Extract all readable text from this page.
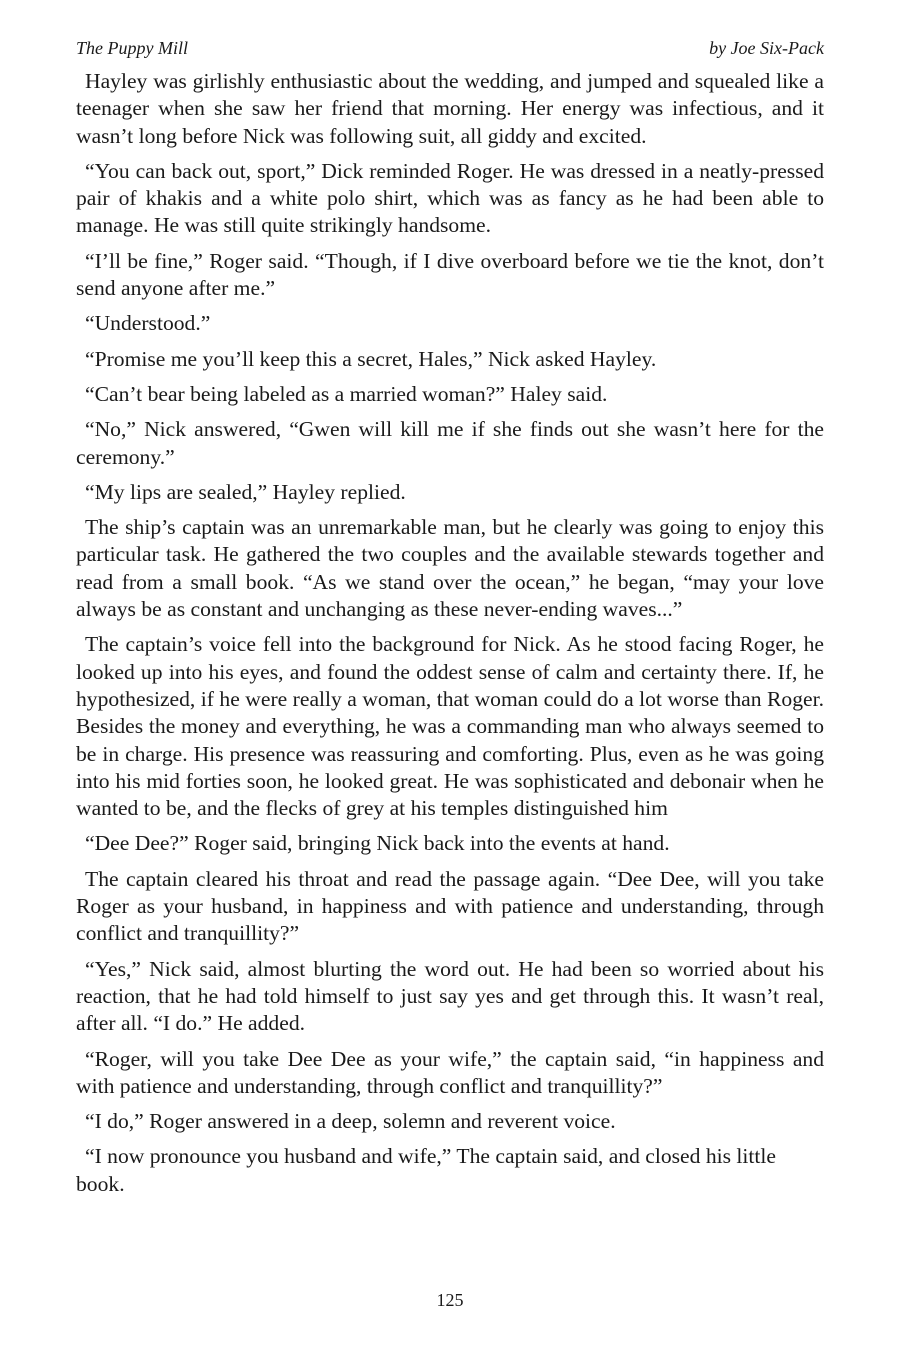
The Puppy Mill	by Joe Six-Pack

Hayley was girlishly enthusiastic about the wedding, and jumped and squealed like a teenager when she saw her friend that morning. Her energy was infectious, and it wasn’t long before Nick was following suit, all giddy and excited.

“You can back out, sport,” Dick reminded Roger. He was dressed in a neatly-pressed pair of khakis and a white polo shirt, which was as fancy as he had been able to manage. He was still quite strikingly handsome.

“I’ll be fine,” Roger said. “Though, if I dive overboard before we tie the knot, don’t send anyone after me.”

“Understood.”

“Promise me you’ll keep this a secret, Hales,” Nick asked Hayley.

“Can’t bear being labeled as a married woman?” Haley said.

“No,” Nick answered, “Gwen will kill me if she finds out she wasn’t here for the ceremony.”

“My lips are sealed,” Hayley replied.

The ship’s captain was an unremarkable man, but he clearly was going to enjoy this particular task. He gathered the two couples and the available stewards together and read from a small book. “As we stand over the ocean,” he began, “may your love always be as constant and unchanging as these never-ending waves...”

The captain’s voice fell into the background for Nick. As he stood facing Roger, he looked up into his eyes, and found the oddest sense of calm and certainty there. If, he hypothesized, if he were really a woman, that woman could do a lot worse than Roger. Besides the money and everything, he was a commanding man who always seemed to be in charge. His presence was reassuring and comforting. Plus, even as he was going into his mid forties soon, he looked great. He was sophisticated and debonair when he wanted to be, and the flecks of grey at his temples distinguished him

“Dee Dee?” Roger said, bringing Nick back into the events at hand.

The captain cleared his throat and read the passage again. “Dee Dee, will you take Roger as your husband, in happiness and with patience and understanding, through conflict and tranquillity?”

“Yes,” Nick said, almost blurting the word out. He had been so worried about his reaction, that he had told himself to just say yes and get through this. It wasn’t real, after all. “I do.” He added.

“Roger, will you take Dee Dee as your wife,” the captain said, “in happiness and with patience and understanding, through conflict and tranquillity?”

“I do,” Roger answered in a deep, solemn and reverent voice.

“I now pronounce you husband and wife,” The captain said, and closed his little book.

125
